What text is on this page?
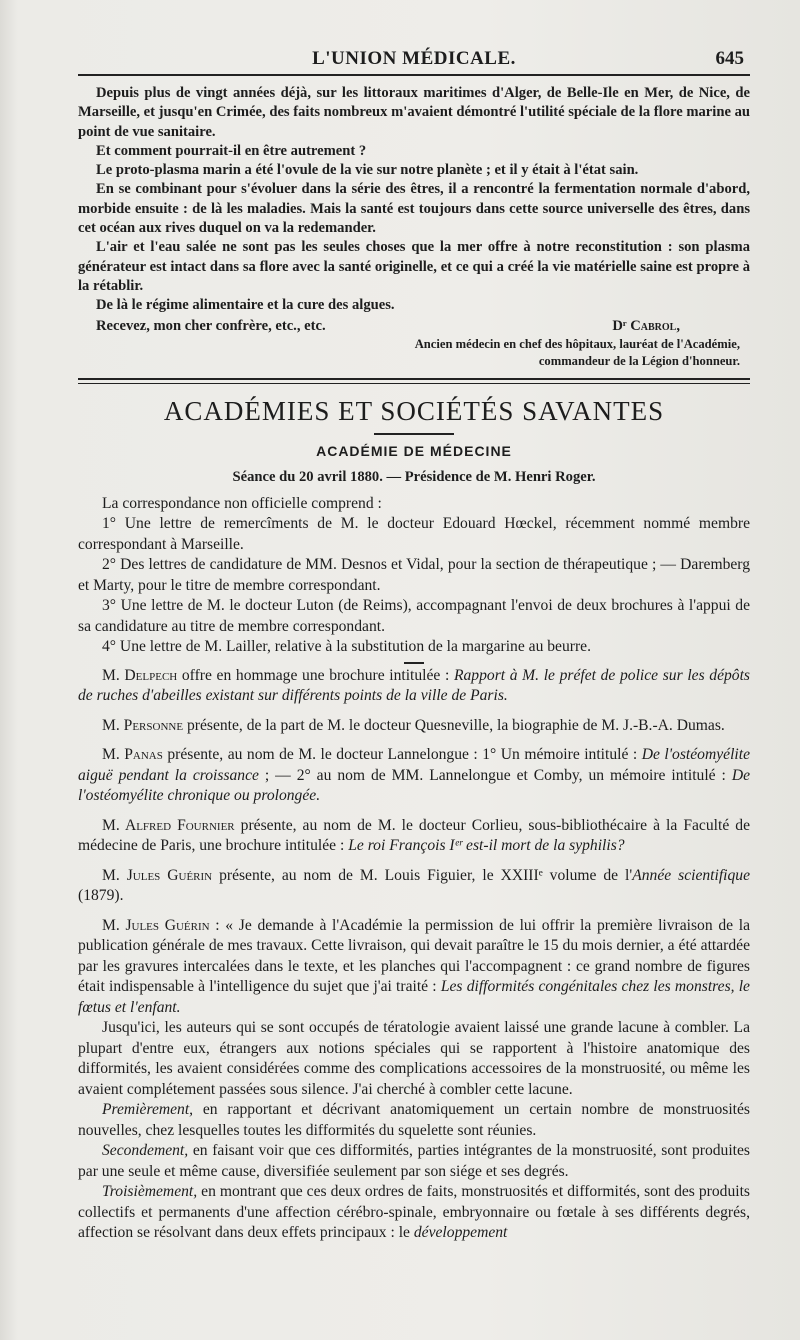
L'UNION MÉDICALE.	645

Depuis plus de vingt années déjà, sur les littoraux maritimes d'Alger, de Belle-Ile en Mer, de Nice, de Marseille, et jusqu'en Crimée, des faits nombreux m'avaient démontré l'utilité spéciale de la flore marine au point de vue sanitaire.

Et comment pourrait-il en être autrement ?

Le proto-plasma marin a été l'ovule de la vie sur notre planète ; et il y était à l'état sain.

En se combinant pour s'évoluer dans la série des êtres, il a rencontré la fermentation normale d'abord, morbide ensuite : de là les maladies. Mais la santé est toujours dans cette source universelle des êtres, dans cet océan aux rives duquel on va la redemander.

L'air et l'eau salée ne sont pas les seules choses que la mer offre à notre reconstitution : son plasma générateur est intact dans sa flore avec la santé originelle, et ce qui a créé la vie matérielle saine est propre à la rétablir.

De là le régime alimentaire et la cure des algues.

Recevez, mon cher confrère, etc., etc.	Dʳ Cabrol,
Ancien médecin en chef des hôpitaux, lauréat de l'Académie,
commandeur de la Légion d'honneur.
ACADÉMIES ET SOCIÉTÉS SAVANTES
ACADÉMIE DE MÉDECINE
Séance du 20 avril 1880. — Présidence de M. Henri Roger.

La correspondance non officielle comprend :

1° Une lettre de remercîments de M. le docteur Edouard Hœckel, récemment nommé membre correspondant à Marseille.

2° Des lettres de candidature de MM. Desnos et Vidal, pour la section de thérapeutique ; — Daremberg et Marty, pour le titre de membre correspondant.

3° Une lettre de M. le docteur Luton (de Reims), accompagnant l'envoi de deux brochures à l'appui de sa candidature au titre de membre correspondant.

4° Une lettre de M. Lailler, relative à la substitution de la margarine au beurre.

M. Delpech offre en hommage une brochure intitulée : Rapport à M. le préfet de police sur les dépôts de ruches d'abeilles existant sur différents points de la ville de Paris.

M. Personne présente, de la part de M. le docteur Quesneville, la biographie de M. J.-B.-A. Dumas.

M. Panas présente, au nom de M. le docteur Lannelongue : 1° Un mémoire intitulé : De l'ostéomyélite aiguë pendant la croissance ; — 2° au nom de MM. Lannelongue et Comby, un mémoire intitulé : De l'ostéomyélite chronique ou prolongée.

M. Alfred Fournier présente, au nom de M. le docteur Corlieu, sous-bibliothécaire à la Faculté de médecine de Paris, une brochure intitulée : Le roi François Iᵉʳ est-il mort de la syphilis?

M. Jules Guérin présente, au nom de M. Louis Figuier, le XXIIIᵉ volume de l'Année scientifique (1879).

M. Jules Guérin : « Je demande à l'Académie la permission de lui offrir la première livraison de la publication générale de mes travaux. Cette livraison, qui devait paraître le 15 du mois dernier, a été attardée par les gravures intercalées dans le texte, et les planches qui l'accompagnent : ce grand nombre de figures était indispensable à l'intelligence du sujet que j'ai traité : Les difformités congénitales chez les monstres, le fœtus et l'enfant.

Jusqu'ici, les auteurs qui se sont occupés de tératologie avaient laissé une grande lacune à combler. La plupart d'entre eux, étrangers aux notions spéciales qui se rapportent à l'histoire anatomique des difformités, les avaient considérées comme des complications accessoires de la monstruosité, ou même les avaient complétement passées sous silence. J'ai cherché à combler cette lacune.

Premièrement, en rapportant et décrivant anatomiquement un certain nombre de monstruosités nouvelles, chez lesquelles toutes les difformités du squelette sont réunies.

Secondement, en faisant voir que ces difformités, parties intégrantes de la monstruosité, sont produites par une seule et même cause, diversifiée seulement par son siége et ses degrés.

Troisièmement, en montrant que ces deux ordres de faits, monstruosités et difformités, sont des produits collectifs et permanents d'une affection cérébro-spinale, embryonnaire ou fœtale à ses différents degrés, affection se résolvant dans deux effets principaux : le développement
